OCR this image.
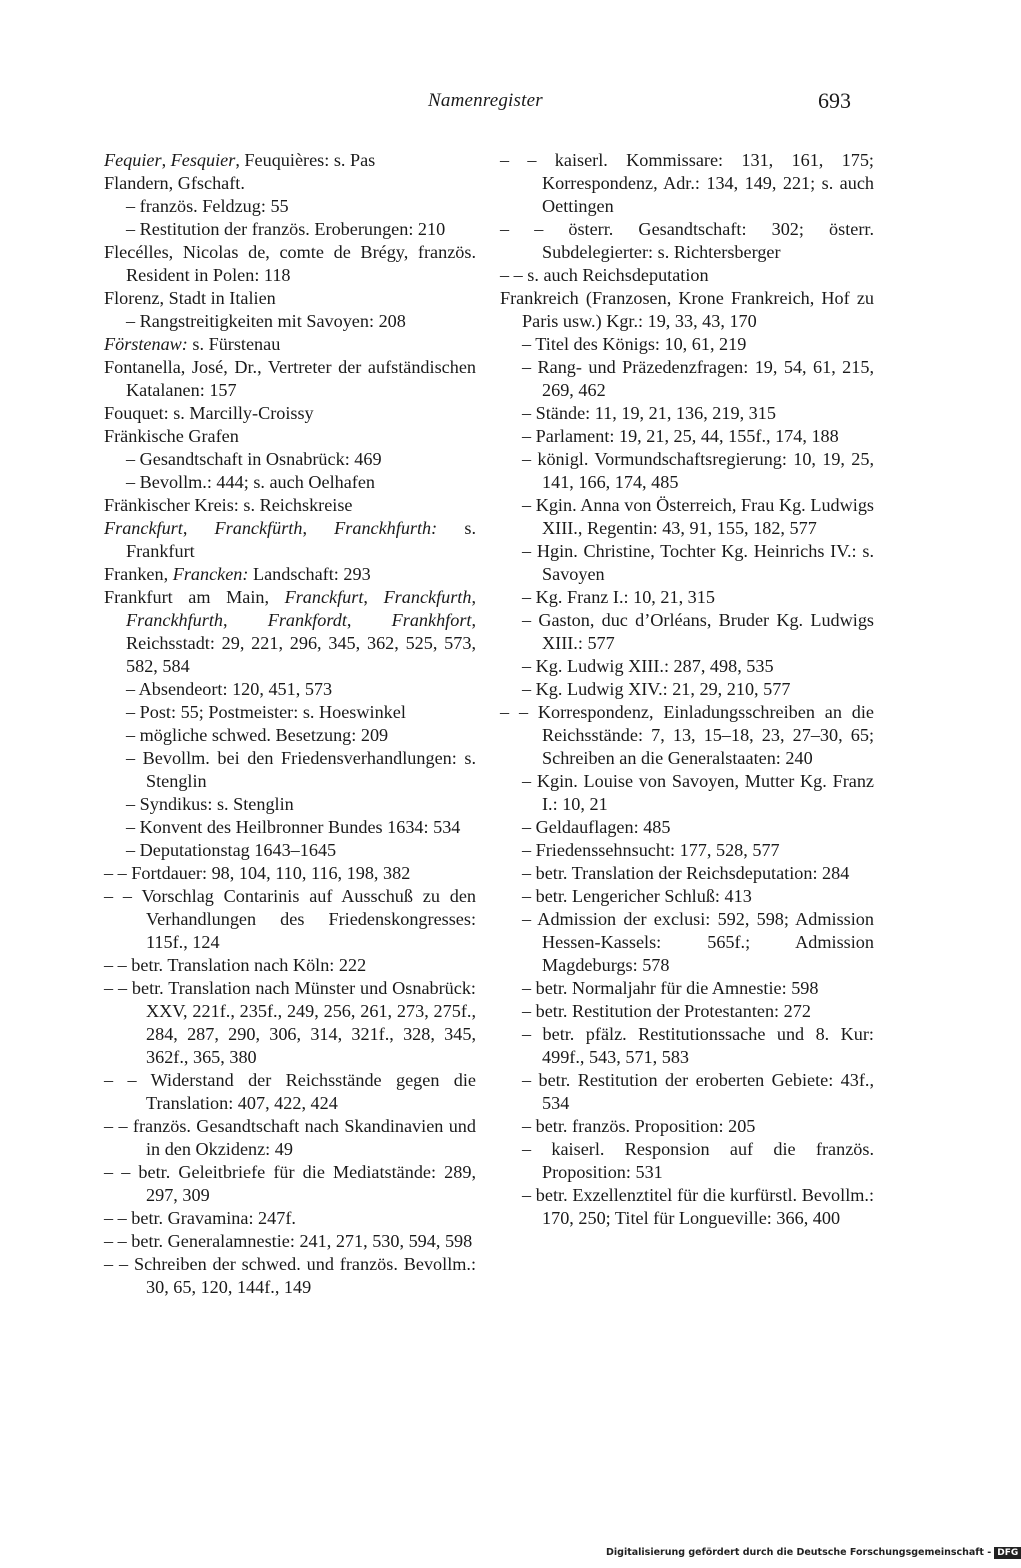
Namenregister	693
Fequier, Fesquier, Feuquières: s. Pas
Flandern, Gfschaft.
– französ. Feldzug: 55
– Restitution der französ. Eroberungen: 210
Flecélles, Nicolas de, comte de Brégy, französ. Resident in Polen: 118
Florenz, Stadt in Italien
– Rangstreitigkeiten mit Savoyen: 208
Förstenaw: s. Fürstenau
Fontanella, José, Dr., Vertreter der aufständischen Katalanen: 157
Fouquet: s. Marcilly-Croissy
Fränkische Grafen
– Gesandtschaft in Osnabrück: 469
– Bevollm.: 444; s. auch Oelhafen
Fränkischer Kreis: s. Reichskreise
Franckfurt, Franckfürth, Franckhfurth: s. Frankfurt
Franken, Francken: Landschaft: 293
Frankfurt am Main, Franckfurt, Franckfurth, Franckhfurth, Frankfordt, Frankhfort, Reichsstadt: 29, 221, 296, 345, 362, 525, 573, 582, 584
– Absendeort: 120, 451, 573
– Post: 55; Postmeister: s. Hoeswinkel
– mögliche schwed. Besetzung: 209
– Bevollm. bei den Friedensverhandlungen: s. Stenglin
– Syndikus: s. Stenglin
– Konvent des Heilbronner Bundes 1634: 534
– Deputationstag 1643–1645
– – Fortdauer: 98, 104, 110, 116, 198, 382
– – Vorschlag Contarinis auf Ausschuß zu den Verhandlungen des Friedenskongresses: 115f., 124
– – betr. Translation nach Köln: 222
– – betr. Translation nach Münster und Osnabrück: XXV, 221f., 235f., 249, 256, 261, 273, 275f., 284, 287, 290, 306, 314, 321f., 328, 345, 362f., 365, 380
– – Widerstand der Reichsstände gegen die Translation: 407, 422, 424
– – französ. Gesandtschaft nach Skandinavien und in den Okzidenz: 49
– – betr. Geleitbriefe für die Mediatstände: 289, 297, 309
– – betr. Gravamina: 247f.
– – betr. Generalamnestie: 241, 271, 530, 594, 598
– – Schreiben der schwed. und französ. Bevollm.: 30, 65, 120, 144f., 149
– – kaiserl. Kommissare: 131, 161, 175; Korrespondenz, Adr.: 134, 149, 221; s. auch Oettingen
– – österr. Gesandtschaft: 302; österr. Subdelegierter: s. Richtersberger
– – s. auch Reichsdeputation
Frankreich (Franzosen, Krone Frankreich, Hof zu Paris usw.) Kgr.: 19, 33, 43, 170
– Titel des Königs: 10, 61, 219
– Rang- und Präzedenzfragen: 19, 54, 61, 215, 269, 462
– Stände: 11, 19, 21, 136, 219, 315
– Parlament: 19, 21, 25, 44, 155f., 174, 188
– königl. Vormundschaftsregierung: 10, 19, 25, 141, 166, 174, 485
– Kgin. Anna von Österreich, Frau Kg. Ludwigs XIII., Regentin: 43, 91, 155, 182, 577
– Hgin. Christine, Tochter Kg. Heinrichs IV.: s. Savoyen
– Kg. Franz I.: 10, 21, 315
– Gaston, duc d’Orléans, Bruder Kg. Ludwigs XIII.: 577
– Kg. Ludwig XIII.: 287, 498, 535
– Kg. Ludwig XIV.: 21, 29, 210, 577
– – Korrespondenz, Einladungsschreiben an die Reichsstände: 7, 13, 15–18, 23, 27–30, 65; Schreiben an die Generalstaaten: 240
– Kgin. Louise von Savoyen, Mutter Kg. Franz I.: 10, 21
– Geldauflagen: 485
– Friedenssehnsucht: 177, 528, 577
– betr. Translation der Reichsdeputation: 284
– betr. Lengericher Schluß: 413
– Admission der exclusi: 592, 598; Admission Hessen-Kassels: 565f.; Admission Magdeburgs: 578
– betr. Normaljahr für die Amnestie: 598
– betr. Restitution der Protestanten: 272
– betr. pfälz. Restitutionssache und 8. Kur: 499f., 543, 571, 583
– betr. Restitution der eroberten Gebiete: 43f., 534
– betr. französ. Proposition: 205
– kaiserl. Responsion auf die französ. Proposition: 531
– betr. Exzellenztitel für die kurfürstl. Bevollm.: 170, 250; Titel für Longueville: 366, 400
Digitalisierung gefördert durch die Deutsche Forschungsgemeinschaft - DFG
